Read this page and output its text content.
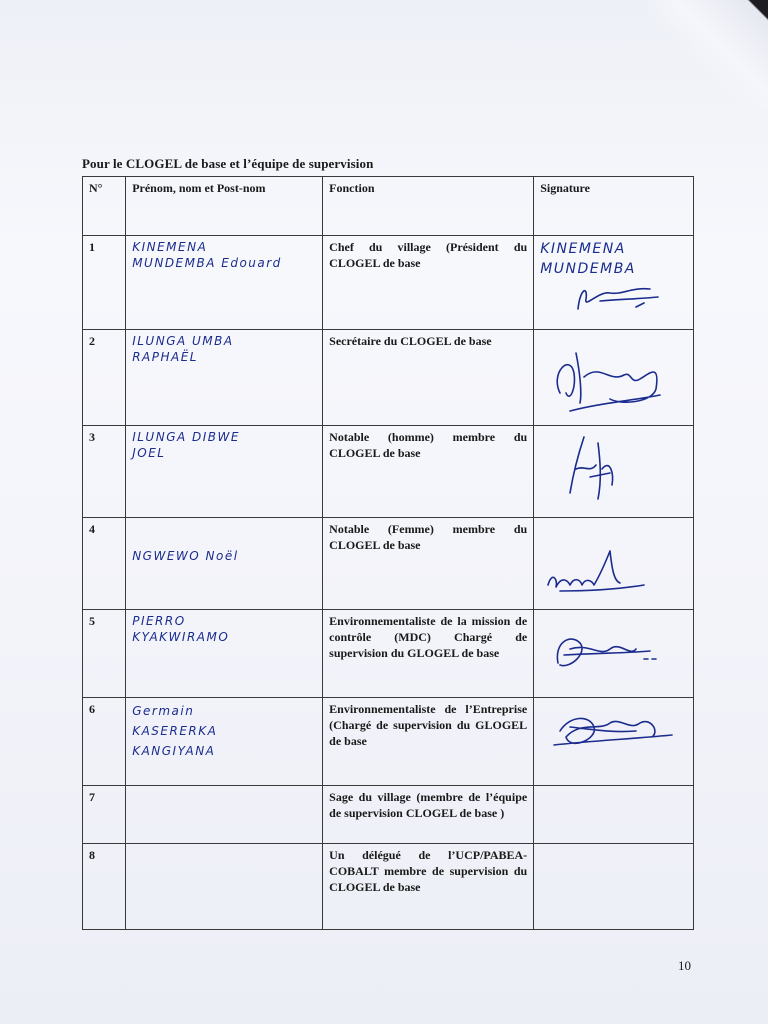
Pour le CLOGEL de base et l’équipe de supervision
N°	Prénom, nom et Post-nom	Fonction	Signature
1	KINEMENA
MUNDEMBA Edouard	Chef du village (Président du CLOGEL de base	KINEMENA
MUNDEMBA

2	ILUNGA UMBA
RAPHAËL	Secrétaire du CLOGEL de base	

3	ILUNGA DIBWE
JOEL	Notable (homme) membre du CLOGEL de base	

4	NGWEWO Noël	Notable (Femme) membre du CLOGEL de base	

5	PIERRO
KYAKWIRAMO	Environnementaliste de la mission de contrôle (MDC) Chargé de supervision du GLOGEL de base	

6	Germain
KASERERKA
KANGIYANA	Environnementaliste de l’Entreprise (Chargé de supervision du GLOGEL de base	

7		Sage du village (membre de l’équipe de supervision CLOGEL de base )	
8		Un délégué de l’UCP/PABEA-COBALT membre de supervision du CLOGEL de base	
10
